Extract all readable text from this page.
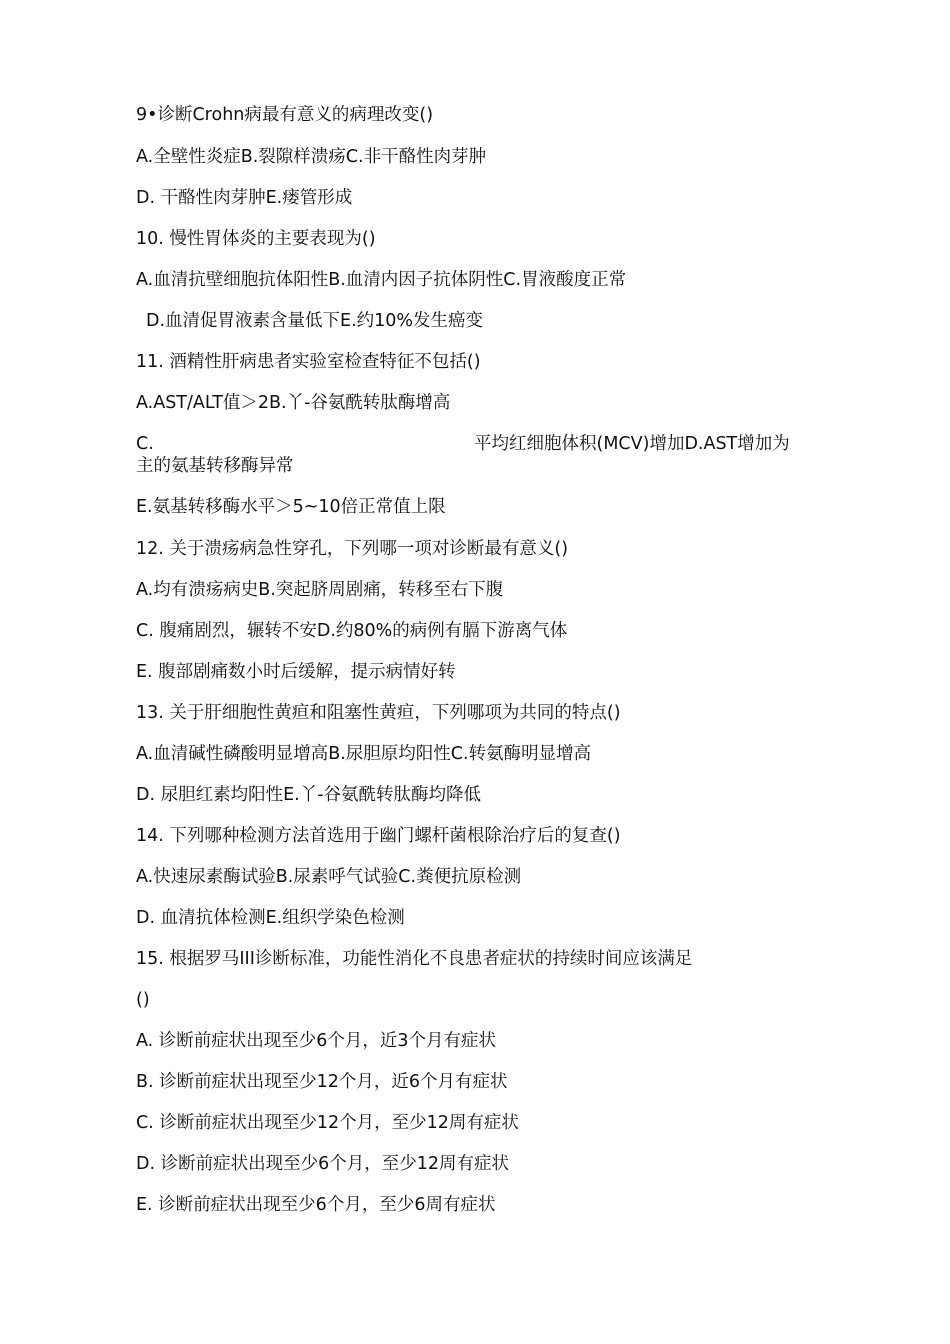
9•诊断Crohn病最有意义的病理改变()
A.全壁性炎症B.裂隙样溃疡C.非干酪性肉芽肿
D. 干酪性肉芽肿E.瘘管形成
10. 慢性胃体炎的主要表现为()
A.血清抗壁细胞抗体阳性B.血清内因子抗体阴性C.胃液酸度正常
D.血清促胃液素含量低下E.约10%发生癌变
11. 酒精性肝病患者实验室检查特征不包括()
A.AST/ALT值＞2B.丫-谷氨酰转肽酶增高
C.	平均红细胞体积(MCV)增加D.AST增加为
主的氨基转移酶异常
E.氨基转移酶水平＞5~10倍正常值上限
12. 关于溃疡病急性穿孔，下列哪一项对诊断最有意义()
A.均有溃疡病史B.突起脐周剧痛，转移至右下腹
C. 腹痛剧烈，辗转不安D.约80%的病例有膈下游离气体
E. 腹部剧痛数小时后缓解，提示病情好转
13. 关于肝细胞性黄疸和阻塞性黄疸，下列哪项为共同的特点()
A.血清碱性磷酸明显增高B.尿胆原均阳性C.转氨酶明显增高
D. 尿胆红素均阳性E.丫-谷氨酰转肽酶均降低
14. 下列哪种检测方法首选用于幽门螺杆菌根除治疗后的复查()
A.快速尿素酶试验B.尿素呼气试验C.粪便抗原检测
D. 血清抗体检测E.组织学染色检测
15. 根据罗马III诊断标准，功能性消化不良患者症状的持续时间应该满足
()
A. 诊断前症状出现至少6个月，近3个月有症状
B. 诊断前症状出现至少12个月，近6个月有症状
C. 诊断前症状出现至少12个月，至少12周有症状
D. 诊断前症状出现至少6个月，至少12周有症状
E. 诊断前症状出现至少6个月，至少6周有症状
